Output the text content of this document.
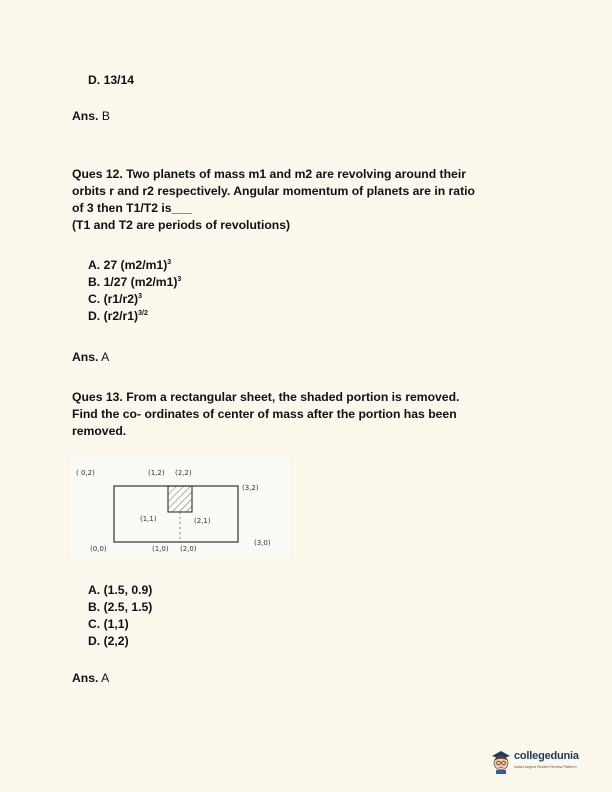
D. 13/14
Ans. B
Ques 12. Two planets of mass m1 and m2 are revolving around their
orbits r and r2 respectively. Angular momentum of planets are in ratio
of 3 then T1/T2 is___
(T1 and T2 are periods of revolutions)
A. 27 $(m2/m1)^3$
B. 1/27 $(m2/m1)^3$
C. $(r1/r2)^3$
D. $(r2/r1)^{3/2}$
Ans. A
Ques 13. From a rectangular sheet, the shaded portion is removed.
Find the co- ordinates of center of mass after the portion has been
removed.
( 0,2)	(1,2) (2,2)
(3,2)
(1,1)	(2,1)
(0,0)	(1,0) (2,0)
(3,0)
A. (1.5, 0.9)
B. (2.5, 1.5)
C. (1,1)
D. (2,2)
Ans. A
collegedunia
India's largest Student Review Platform
